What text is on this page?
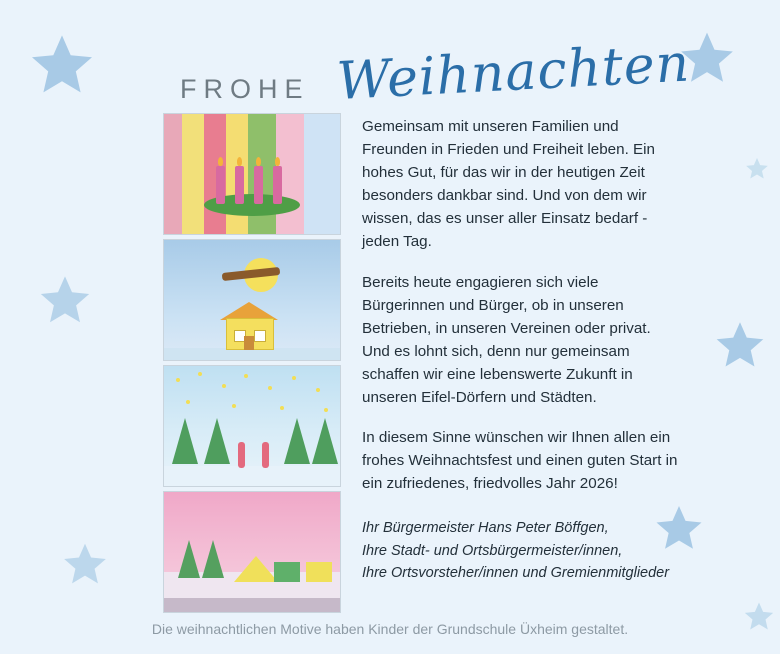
FROHE Weihnachten

Gemeinsam mit unseren Familien und Freunden in Frieden und Freiheit leben. Ein hohes Gut, für das wir in der heutigen Zeit besonders dankbar sind. Und von dem wir wissen, das es unser aller Einsatz bedarf - jeden Tag.

Bereits heute engagieren sich viele Bürgerinnen und Bürger, ob in unseren Betrieben, in unseren Vereinen oder privat. Und es lohnt sich, denn nur gemeinsam schaffen wir eine lebenswerte Zukunft in unseren Eifel-Dörfern und Städten.

In diesem Sinne wünschen wir Ihnen allen ein frohes Weihnachtsfest und einen guten Start in ein zufriedenes, friedvolles Jahr 2026!

Ihr Bürgermeister Hans Peter Böffgen,
Ihre Stadt- und Ortsbürgermeister/innen,
Ihre Ortsvorsteher/innen und Gremienmitglieder
Die weihnachtlichen Motive haben Kinder der Grundschule Üxheim gestaltet.
